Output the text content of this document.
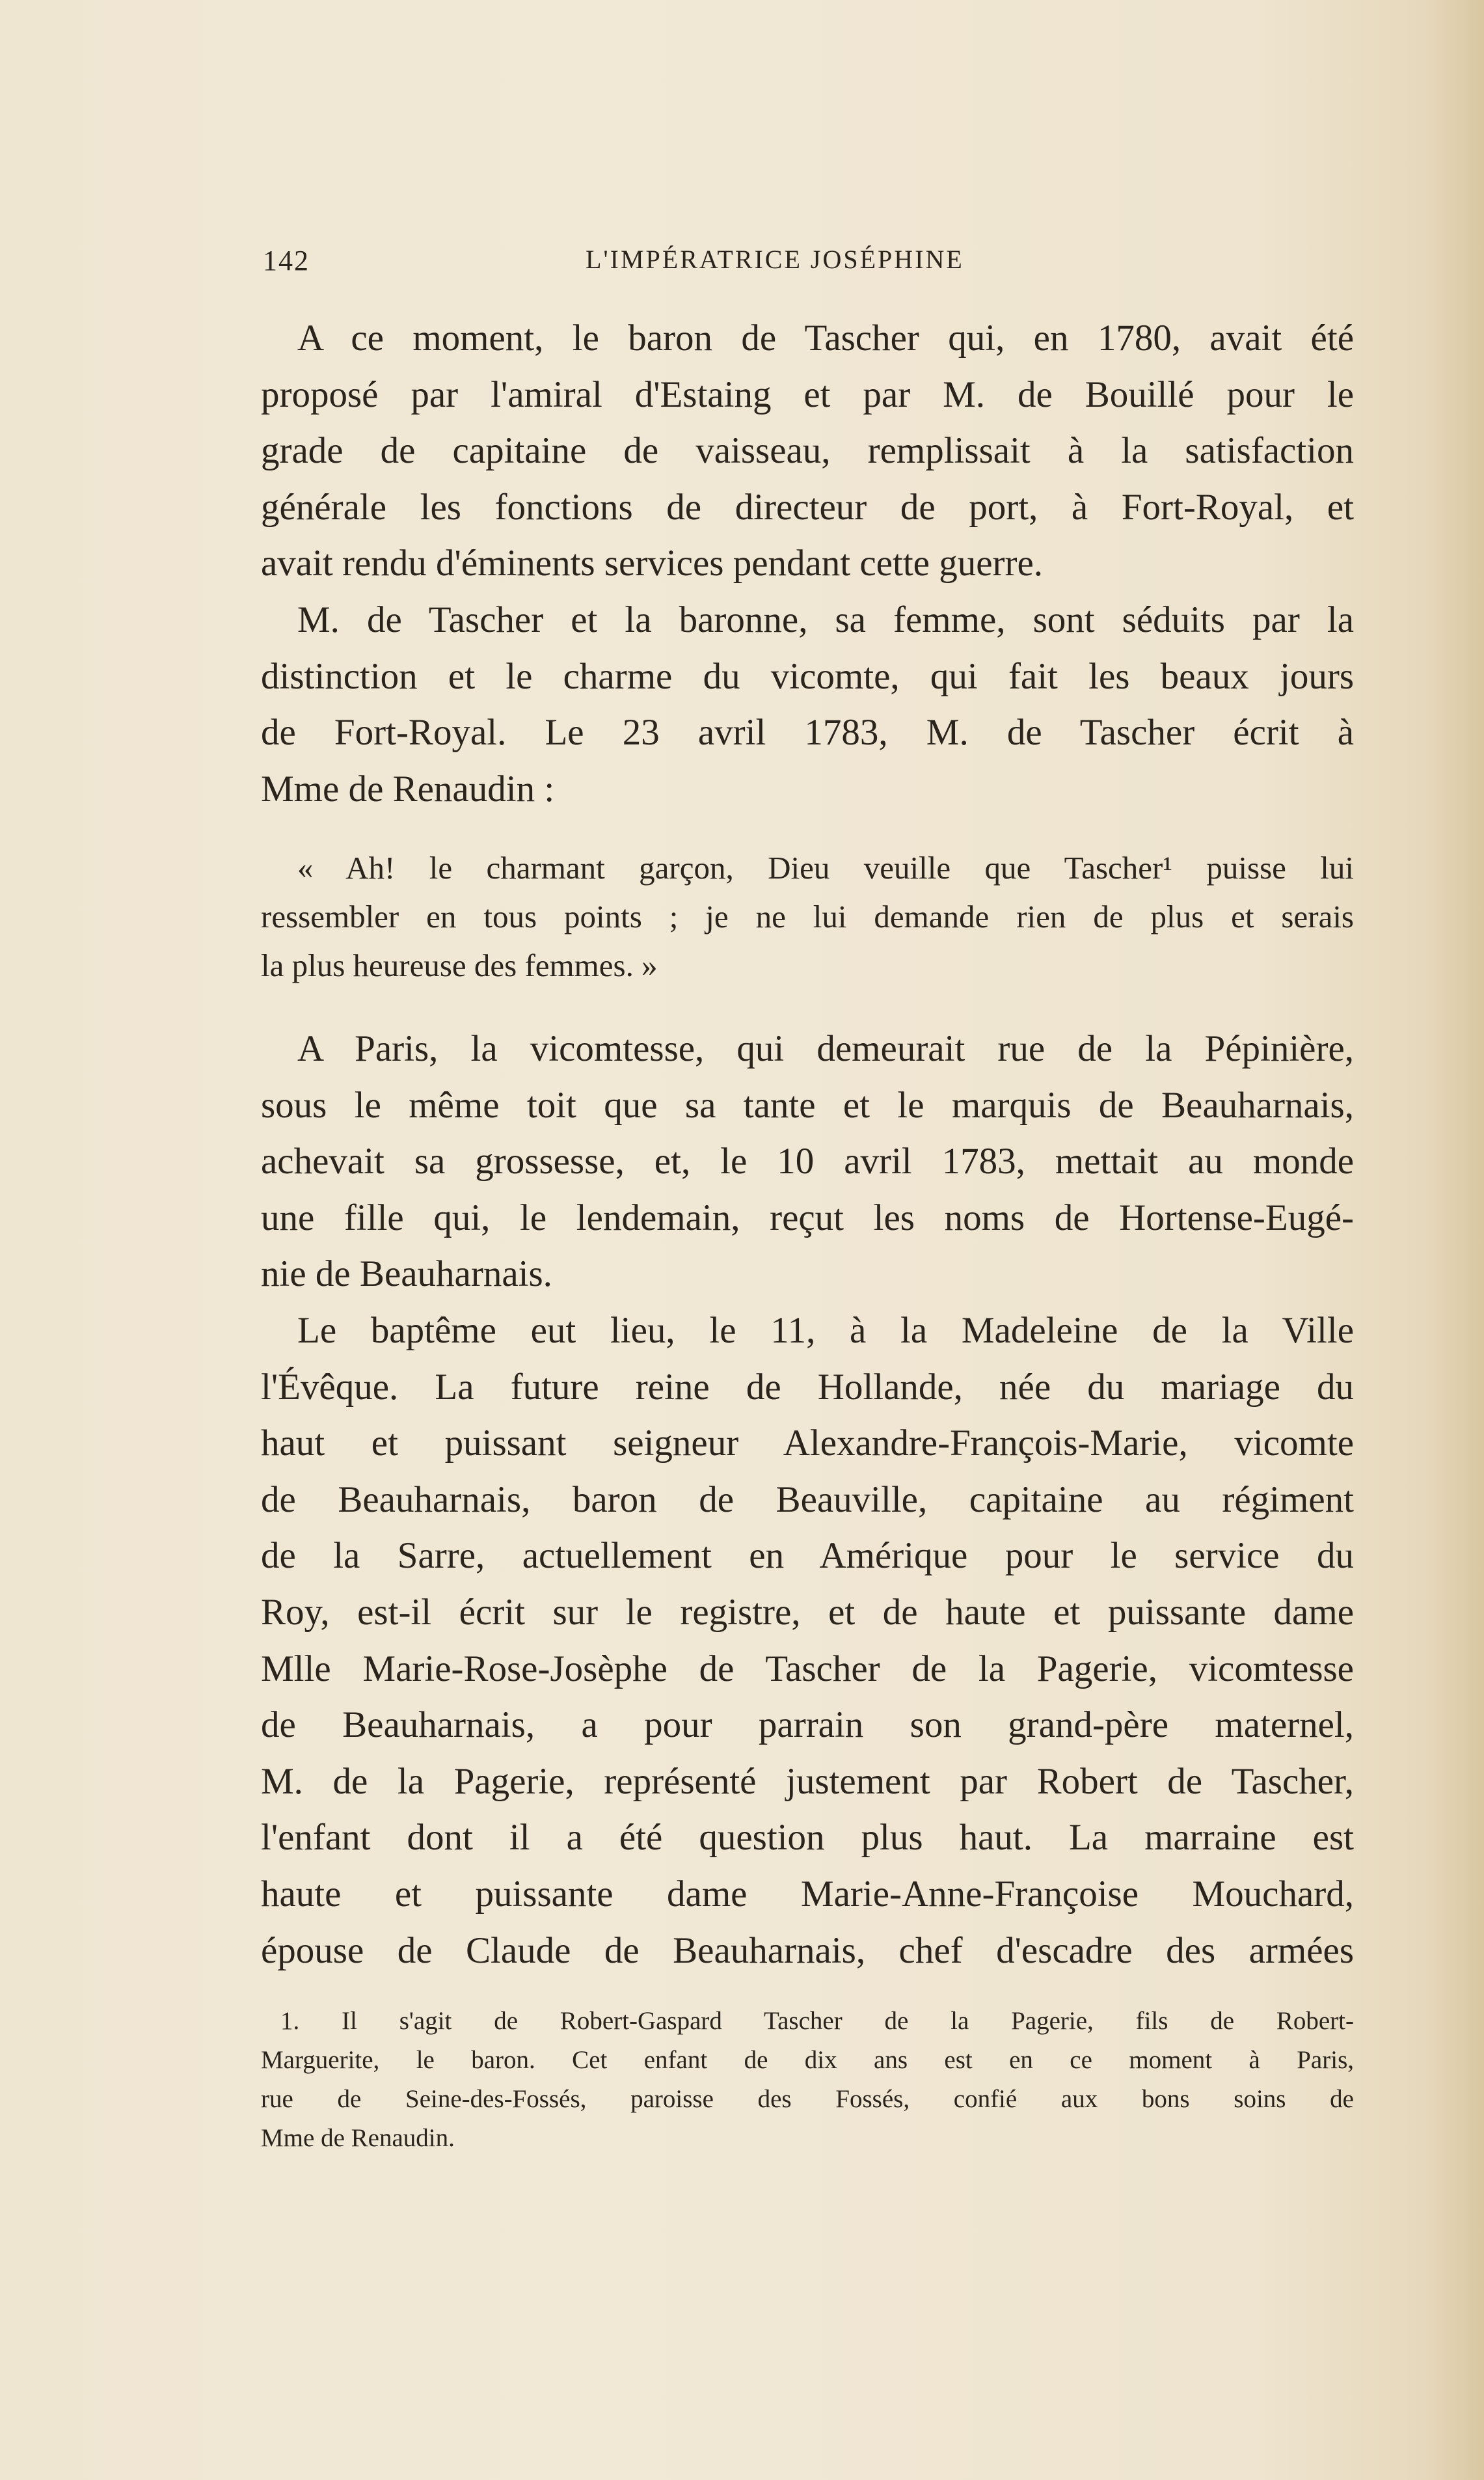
142	L'IMPÉRATRICE JOSÉPHINE
A ce moment, le baron de Tascher qui, en 1780, avait été
proposé par l'amiral d'Estaing et par M. de Bouillé pour le
grade de capitaine de vaisseau, remplissait à la satisfaction
générale les fonctions de directeur de port, à Fort-Royal, et
avait rendu d'éminents services pendant cette guerre.
M. de Tascher et la baronne, sa femme, sont séduits par la
distinction et le charme du vicomte, qui fait les beaux jours
de Fort-Royal. Le 23 avril 1783, M. de Tascher écrit à
Mme de Renaudin :
« Ah! le charmant garçon, Dieu veuille que Tascher¹ puisse lui
ressembler en tous points ; je ne lui demande rien de plus et serais
la plus heureuse des femmes. »
A Paris, la vicomtesse, qui demeurait rue de la Pépinière,
sous le même toit que sa tante et le marquis de Beauharnais,
achevait sa grossesse, et, le 10 avril 1783, mettait au monde
une fille qui, le lendemain, reçut les noms de Hortense-Eugé-
nie de Beauharnais.
Le baptême eut lieu, le 11, à la Madeleine de la Ville
l'Évêque. La future reine de Hollande, née du mariage du
haut et puissant seigneur Alexandre-François-Marie, vicomte
de Beauharnais, baron de Beauville, capitaine au régiment
de la Sarre, actuellement en Amérique pour le service du
Roy, est-il écrit sur le registre, et de haute et puissante dame
Mlle Marie-Rose-Josèphe de Tascher de la Pagerie, vicomtesse
de Beauharnais, a pour parrain son grand-père maternel,
M. de la Pagerie, représenté justement par Robert de Tascher,
l'enfant dont il a été question plus haut. La marraine est
haute et puissante dame Marie-Anne-Françoise Mouchard,
épouse de Claude de Beauharnais, chef d'escadre des armées
1. Il s'agit de Robert-Gaspard Tascher de la Pagerie, fils de Robert-
Marguerite, le baron. Cet enfant de dix ans est en ce moment à Paris,
rue de Seine-des-Fossés, paroisse des Fossés, confié aux bons soins de
Mme de Renaudin.
